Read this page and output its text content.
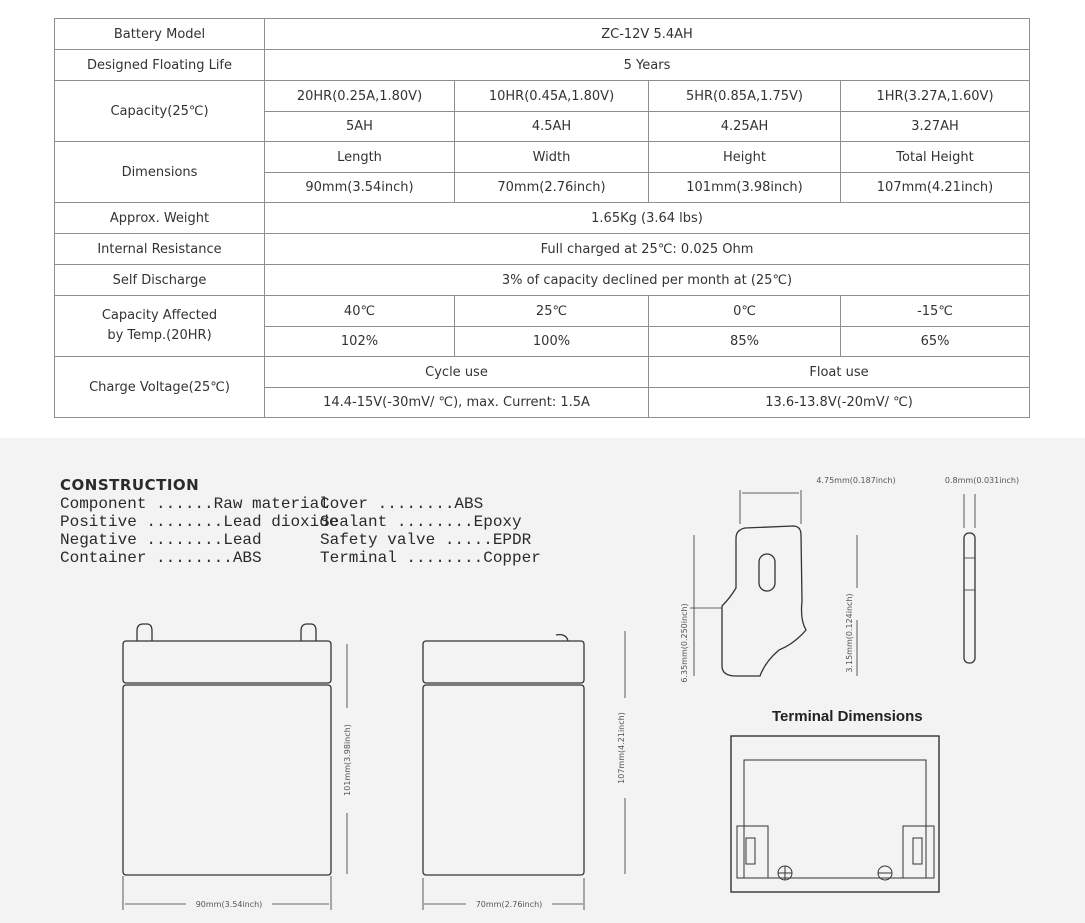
Battery Model	ZC-12V 5.4AH			
Designed Floating Life	5 Years			
Capacity(25℃)	20HR(0.25A,1.80V)	10HR(0.45A,1.80V)	5HR(0.85A,1.75V)	1HR(3.27A,1.60V)
	5AH	4.5AH	4.25AH	3.27AH
Dimensions	Length	Width	Height	Total Height
	90mm(3.54inch)	70mm(2.76inch)	101mm(3.98inch)	107mm(4.21inch)
Approx. Weight	1.65Kg (3.64 lbs)			
Internal Resistance	Full charged at 25℃: 0.025 Ohm			
Self Discharge	3% of capacity declined per month at (25℃)			
Capacity Affected
by Temp.(20HR)	40℃	25℃	0℃	-15℃
	102%	100%	85%	65%
Charge Voltage(25℃)	Cycle use		Float use	
	14.4-15V(-30mV/ ℃), max. Current: 1.5A		13.6-13.8V(-20mV/ ℃)	
90mm(3.54inch)
101mm(3.98inch)
70mm(2.76inch)
107mm(4.21inch)
4.75mm(0.187inch)	0.8mm(0.031inch)
6.35mm(0.250inch)	3.15mm(0.124inch)
CONSTRUCTION
Component ......Raw material
Positive ........Lead dioxide
Negative ........Lead
Container ........ABS
Cover ........ABS
Sealant ........Epoxy
Safety valve .....EPDR
Terminal ........Copper
Terminal Dimensions
